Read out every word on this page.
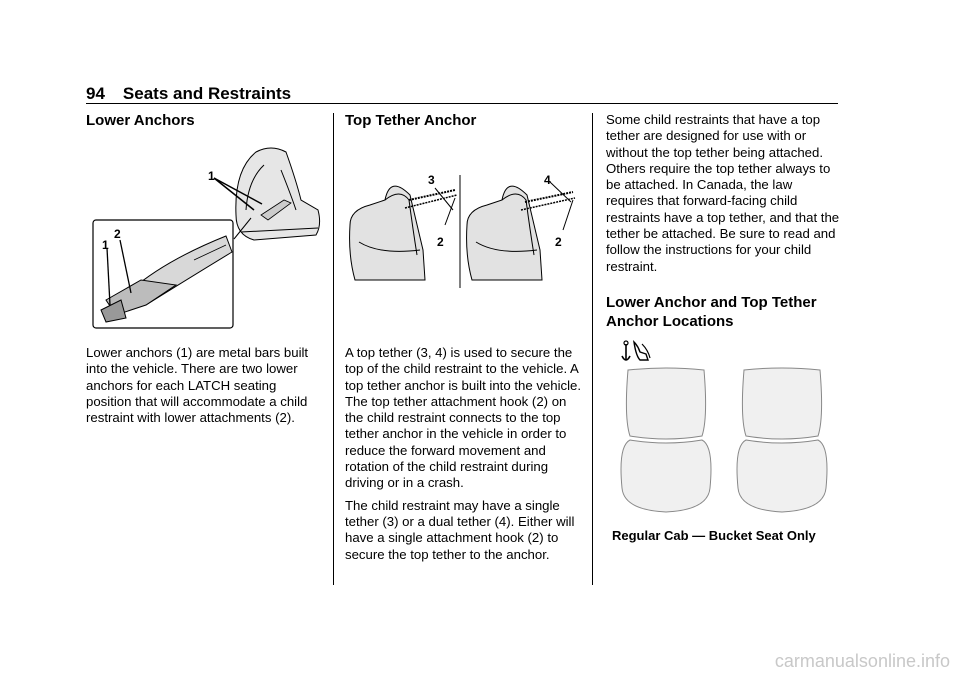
94 Seats and Restraints
Lower Anchors
1
2
1
Lower anchors (1) are metal bars built into the vehicle. There are two lower anchors for each LATCH seating position that will accommodate a child restraint with lower attachments (2).
Top Tether Anchor
3	4
2	2

A top tether (3, 4) is used to secure the top of the child restraint to the vehicle. A top tether anchor is built into the vehicle. The top tether attachment hook (2) on the child restraint connects to the top tether anchor in the vehicle in order to reduce the forward movement and rotation of the child restraint during driving or in a crash.

The child restraint may have a single tether (3) or a dual tether (4). Either will have a single attachment hook (2) to secure the top tether to the anchor.

Some child restraints that have a top tether are designed for use with or without the top tether being attached. Others require the top tether always to be attached. In Canada, the law requires that forward-facing child restraints have a top tether, and that the tether be attached. Be sure to read and follow the instructions for your child restraint.
Lower Anchor and Top Tether Anchor Locations
Regular Cab — Bucket Seat Only
carmanualsonline.info
